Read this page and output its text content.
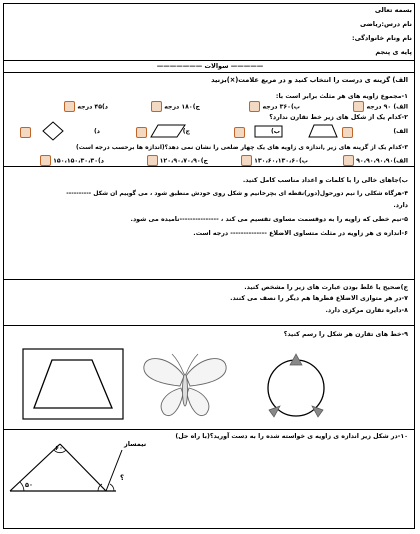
بسمه تعالی
نام درس:ریاضی
نام ونام خانوادگی:
پایه ی پنجم
——————— سوالات —————
الف) گزینه ی درست را انتخاب کنید و در مربع علامت(×)بزنید
۱-مجموع زاویه های هر مثلث برابر است با:
الف) ۹۰ درجه
ب)۳۶۰ درجه
ج)۱۸۰ درجه
د)۴۵ درجه
۲-کدام یک از شکل های زیر خط تقارن ندارد؟
الف)
ب)
ج)
د)
۳-کدام یک از گزینه های زیر ,اندازه ی زاویه های یک چهار ضلعی را نشان نمی دهد؟(اندازه ها برحسب درجه است)
الف)۹۰،۹۰،۹۰،۹۰
ب)۱۳۰،۶۰،۱۳۰،۶۰
ج)۱۲۰،۹۰،۷۰،۹۰
د)۱۵۰،۱۵۰،۳۰،۳۰
ب)جاهای خالی را با کلمات و اعداد مناسب کامل کنید.
۴-هرگاه شکلی را نیم دورحول(دور)نقطه ای بچرخانیم و شکل روی خودش منطبق شود ، می گوییم ان شکل ----------
دارد.
۵-نیم خطی که زاویه را به دوقسمت مساوی تقسیم می کند ، ---------------نامیده می شود.
۶-اندازه ی هر زاویه در مثلث متساوی الاضلاع -------------- درجه است.
ج)صحیح یا غلط بودن عبارت های زیر را مشخص کنید.
۷-در هر متوازی الاضلاع قطرها هم دیگر را نصف می کنند.
۸-دایره تقارن مرکزی دارد.
۹-خط های تقارن هر شکل را رسم کنید؟
۱۰-در شکل زیر اندازه ی زاویه ی خواسته شده را به دست آورید؟(با راه حل)
۶۰
۵۰
نیمساز
؟
